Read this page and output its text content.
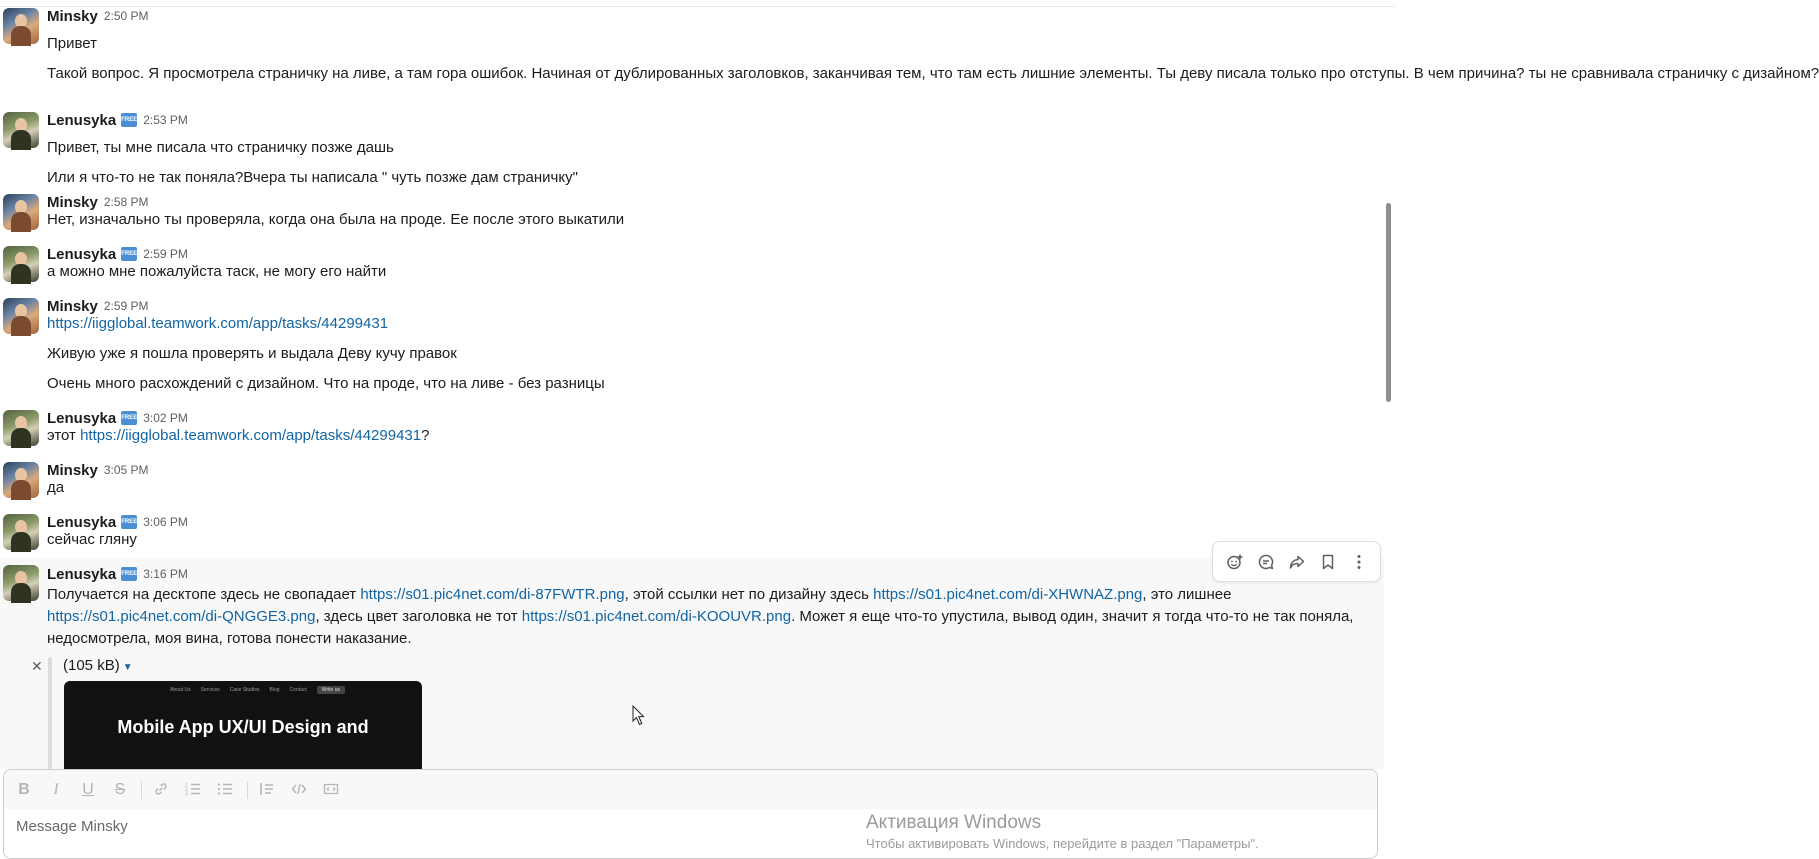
Minsky 2:50 PM
Привет
Такой вопрос. Я просмотрела страничку на ливе, а там гора ошибок. Начиная от дублированных заголовков, заканчивая тем, что там есть лишние элементы. Ты деву писала только про отступы. В чем причина? ты не сравнивала страничку с дизайном?
Lenusyka FREE 2:53 PM
Привет, ты мне писала что страничку позже дашь
Или я что-то не так поняла?Вчера ты написала " чуть позже дам страничку"
Minsky 2:58 PM
Нет, изначально ты проверяла, когда она была на проде. Ее после этого выкатили
Lenusyka FREE 2:59 PM
а можно мне пожалуйста таск, не могу его найти
Minsky 2:59 PM
https://iigglobal.teamwork.com/app/tasks/44299431
Живую уже я пошла проверять и выдала Деву кучу правок
Очень много расхождений с дизайном. Что на проде, что на ливе - без разницы
Lenusyka FREE 3:02 PM
этот https://iigglobal.teamwork.com/app/tasks/44299431?
Minsky 3:05 PM
да
Lenusyka FREE 3:06 PM
сейчас гляну
Lenusyka FREE 3:16 PM
Получается на десктопе здесь не свопадает https://s01.pic4net.com/di-87FWTR.png, этой ссылки нет по дизайну здесь https://s01.pic4net.com/di-XHWNAZ.png, это лишнее https://s01.pic4net.com/di-QNGGE3.png, здесь цвет заголовка не тот https://s01.pic4net.com/di-KOOUVR.png. Может я еще что-то упустила, вывод один, значит я тогда что-то не так поняла, недосмотрела, моя вина, готова понести наказание.
✕ (105 kB) ▼
About Us Services Case Studies Blog Contact	Write us
Mobile App UX/UI Design and
B	I	U S	1
2
3
Message Minsky	Активация Windows
Чтобы активировать Windows, перейдите в раздел "Параметры".
